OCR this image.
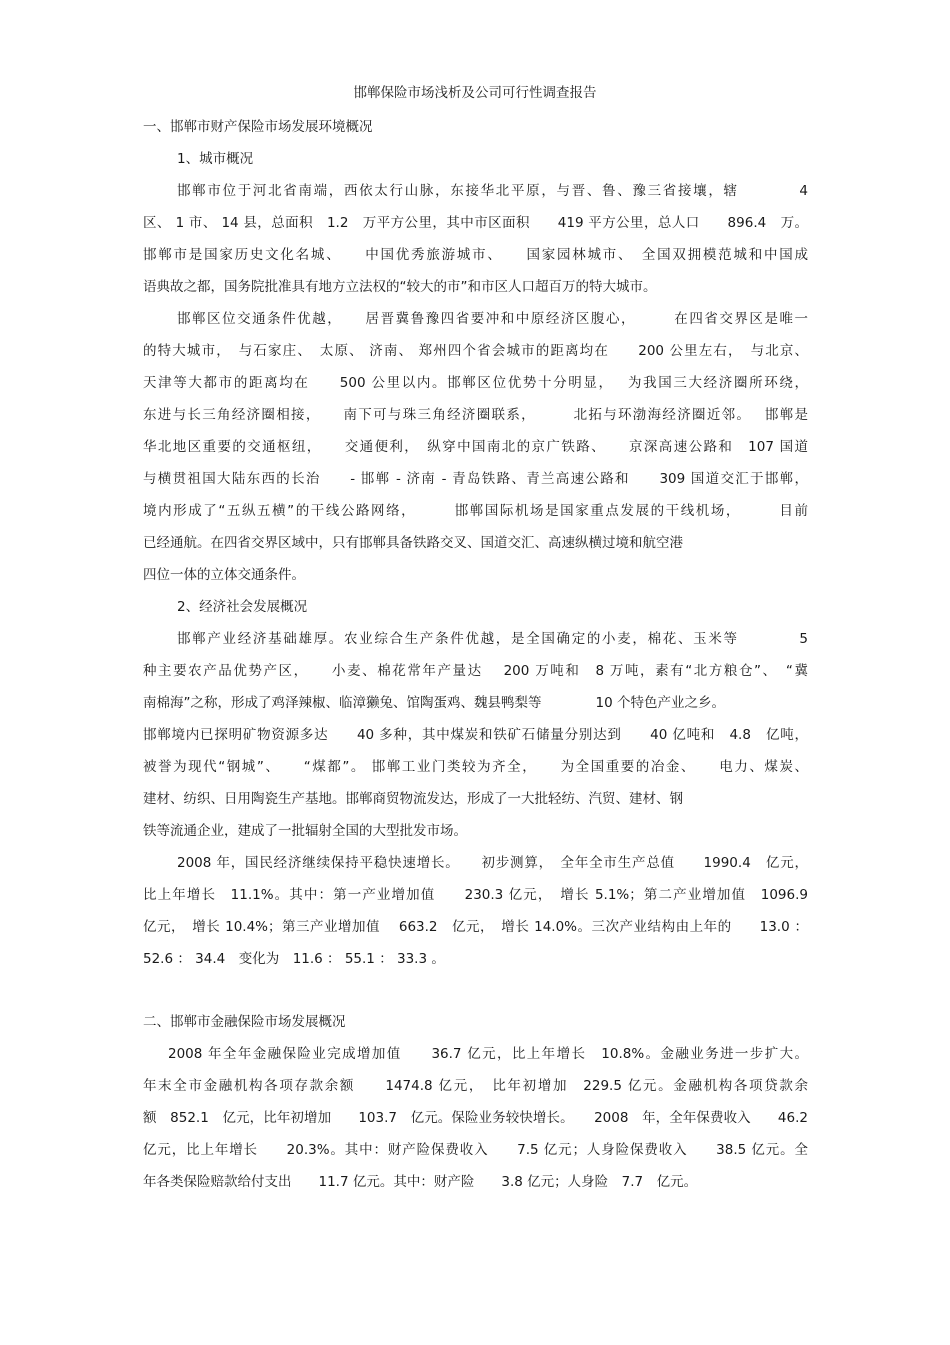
邯郸保险市场浅析及公司可行性调查报告
一、邯郸市财产保险市场发展环境概况
1、城市概况
邯郸市位于河北省南端，西依太行山脉，东接华北平原，与晋、鲁、豫三省接壤，辖　　　　4
区、 1 市、 14 县，总面积　1.2　万平方公里，其中市区面积　　419 平方公里，总人口　　896.4　万。
邯郸市是国家历史文化名城、　　中国优秀旅游城市、　　国家园林城市、　全国双拥模范城和中国成
语典故之都，国务院批准具有地方立法权的“较大的市”和市区人口超百万的特大城市。
邯郸区位交通条件优越，　　居晋冀鲁豫四省要冲和中原经济区腹心，　　　在四省交界区是唯一
的特大城市，　与石家庄、　太原、 济南、 郑州四个省会城市的距离均在　　200 公里左右，　与北京、
天津等大都市的距离均在　　500 公里以内。邯郸区位优势十分明显，　 为我国三大经济圈所环绕，
东进与长三角经济圈相接，　　南下可与珠三角经济圈联系，　　　北拓与环渤海经济圈近邻。　 邯郸是
华北地区重要的交通枢纽，　　交通便利，　纵穿中国南北的京广铁路、　　京深高速公路和　107 国道
与横贯祖国大陆东西的长治　　- 邯郸 - 济南 - 青岛铁路、青兰高速公路和　　309 国道交汇于邯郸，
境内形成了“五纵五横”的干线公路网络，　　　邯郸国际机场是国家重点发展的干线机场，　　　目前
已经通航。在四省交界区域中，只有邯郸具备铁路交叉、国道交汇、高速纵横过境和航空港
四位一体的立体交通条件。
2、经济社会发展概况
邯郸产业经济基础雄厚。农业综合生产条件优越，是全国确定的小麦，棉花、玉米等　　　　5
种主要农产品优势产区，　　小麦、棉花常年产量达　 200 万吨和　8 万吨，素有“北方粮仓”、　“冀
南棉海”之称，形成了鸡泽辣椒、临漳獭兔、馆陶蛋鸡、魏县鸭梨等　　　　10 个特色产业之乡。
邯郸境内已探明矿物资源多达　　40 多种，其中煤炭和铁矿石储量分别达到　　40 亿吨和　4.8　亿吨，
被誉为现代“钢城”、　　“煤都”。 邯郸工业门类较为齐全，　　为全国重要的冶金、　　电力、煤炭、
建材、纺织、日用陶瓷生产基地。邯郸商贸物流发达，形成了一大批轻纺、汽贸、建材、钢
铁等流通企业，建成了一批辐射全国的大型批发市场。
2008 年，国民经济继续保持平稳快速增长。　　初步测算，　全年全市生产总值　　1990.4　亿元，
比上年增长　11.1%。其中：第一产业增加值　　230.3 亿元，　增长 5.1%；第二产业增加值　1096.9
亿元，　增长 10.4%；第三产业增加值　 663.2　亿元，　增长 14.0%。三次产业结构由上年的　　13.0 ：
52.6 ： 34.4　变化为　11.6 ： 55.1 ： 33.3 。
二、邯郸市金融保险市场发展概况
2008 年全年金融保险业完成增加值　　36.7 亿元，比上年增长　10.8%。金融业务进一步扩大。
年末全市金融机构各项存款余额　　1474.8 亿元，　比年初增加　229.5 亿元。金融机构各项贷款余
额　852.1　亿元，比年初增加　　103.7　亿元。保险业务较快增长。　　2008　年，全年保费收入　　46.2
亿元，比上年增长　　20.3%。其中：财产险保费收入　　7.5 亿元；人身险保费收入　　38.5 亿元。全
年各类保险赔款给付支出　　11.7 亿元。其中：财产险　　3.8 亿元；人身险　7.7　亿元。
